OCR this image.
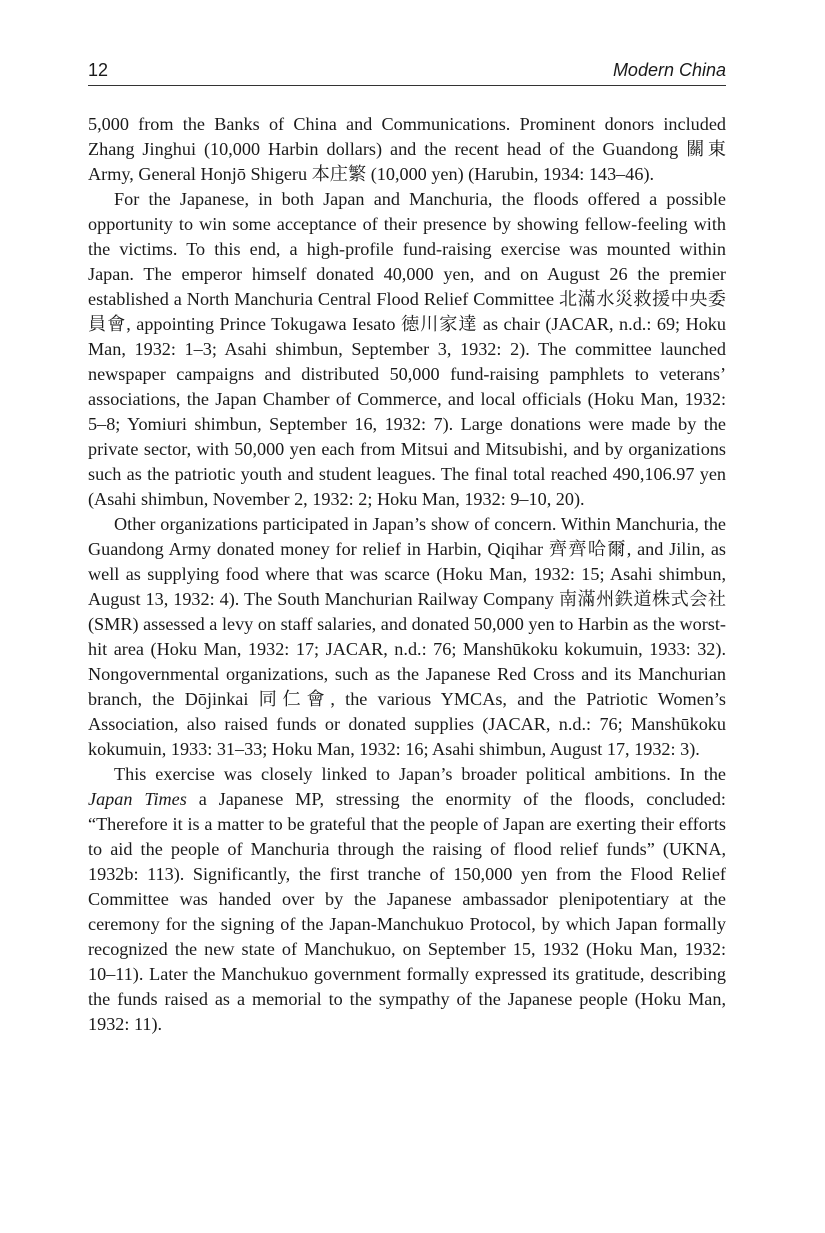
12	Modern China

5,000 from the Banks of China and Communications. Prominent donors included Zhang Jinghui (10,000 Harbin dollars) and the recent head of the Guandong 關東 Army, General Honjō Shigeru 本庄繁 (10,000 yen) (Harubin, 1934: 143–46).

For the Japanese, in both Japan and Manchuria, the floods offered a possible opportunity to win some acceptance of their presence by showing fellow-feeling with the victims. To this end, a high-profile fund-raising exercise was mounted within Japan. The emperor himself donated 40,000 yen, and on August 26 the premier established a North Manchuria Central Flood Relief Committee 北滿水災救援中央委員會, appointing Prince Tokugawa Iesato 徳川家達 as chair (JACAR, n.d.: 69; Hoku Man, 1932: 1–3; Asahi shimbun, September 3, 1932: 2). The committee launched newspaper campaigns and distributed 50,000 fund-raising pamphlets to veterans’ associations, the Japan Chamber of Commerce, and local officials (Hoku Man, 1932: 5–8; Yomiuri shimbun, September 16, 1932: 7). Large donations were made by the private sector, with 50,000 yen each from Mitsui and Mitsubishi, and by organizations such as the patriotic youth and student leagues. The final total reached 490,106.97 yen (Asahi shimbun, November 2, 1932: 2; Hoku Man, 1932: 9–10, 20).

Other organizations participated in Japan’s show of concern. Within Manchuria, the Guandong Army donated money for relief in Harbin, Qiqihar 齊齊哈爾, and Jilin, as well as supplying food where that was scarce (Hoku Man, 1932: 15; Asahi shimbun, August 13, 1932: 4). The South Manchurian Railway Company 南滿州鉄道株式会社 (SMR) assessed a levy on staff salaries, and donated 50,000 yen to Harbin as the worst-hit area (Hoku Man, 1932: 17; JACAR, n.d.: 76; Manshūkoku kokumuin, 1933: 32). Nongovernmental organizations, such as the Japanese Red Cross and its Manchurian branch, the Dōjinkai 同仁會, the various YMCAs, and the Patriotic Women’s Association, also raised funds or donated supplies (JACAR, n.d.: 76; Manshūkoku kokumuin, 1933: 31–33; Hoku Man, 1932: 16; Asahi shimbun, August 17, 1932: 3).

This exercise was closely linked to Japan’s broader political ambitions. In the Japan Times a Japanese MP, stressing the enormity of the floods, concluded: “Therefore it is a matter to be grateful that the people of Japan are exerting their efforts to aid the people of Manchuria through the raising of flood relief funds” (UKNA, 1932b: 113). Significantly, the first tranche of 150,000 yen from the Flood Relief Committee was handed over by the Japanese ambassador plenipotentiary at the ceremony for the signing of the Japan-Manchukuo Protocol, by which Japan formally recognized the new state of Manchukuo, on September 15, 1932 (Hoku Man, 1932: 10–11). Later the Manchukuo government formally expressed its gratitude, describing the funds raised as a memorial to the sympathy of the Japanese people (Hoku Man, 1932: 11).
